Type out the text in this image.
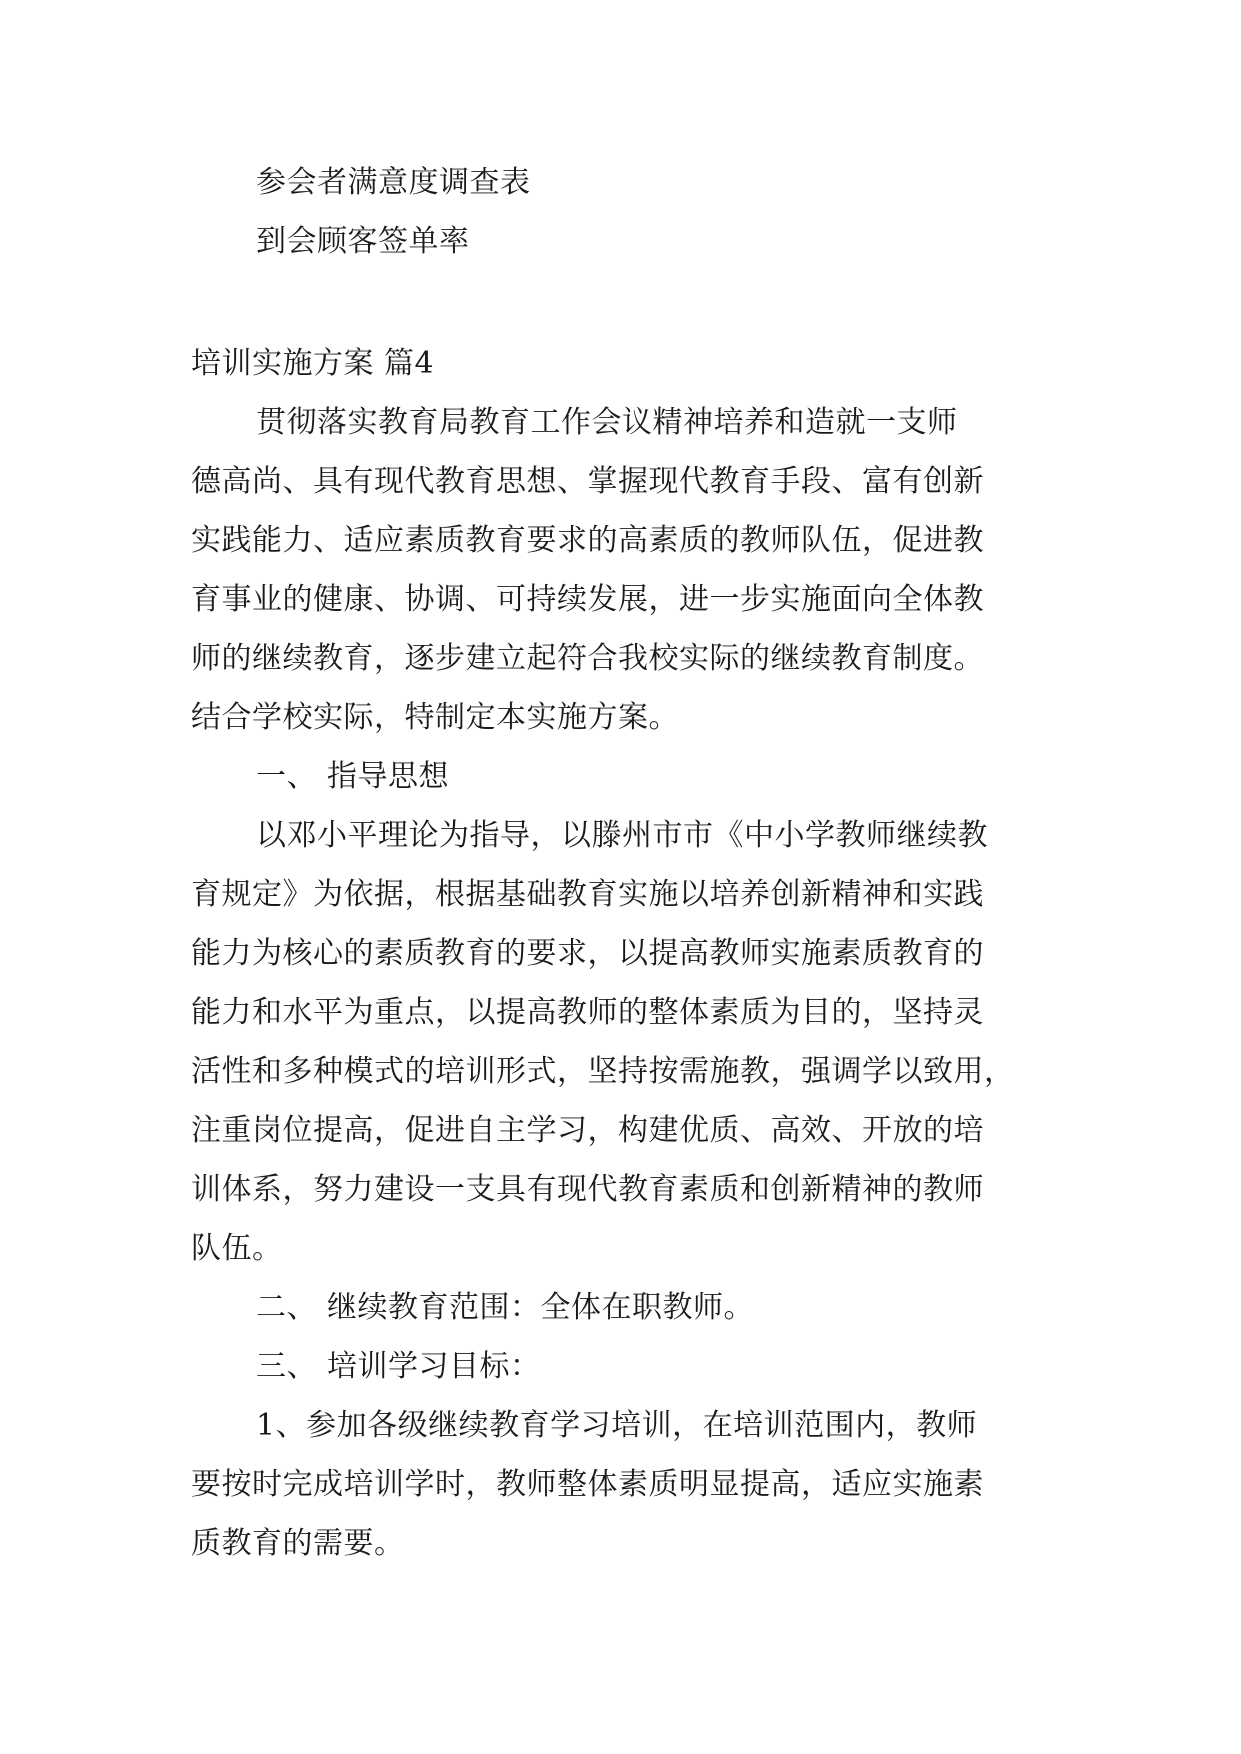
参会者满意度调查表
到会顾客签单率
培训实施方案 篇4
贯彻落实教育局教育工作会议精神培养和造就一支师
德高尚、具有现代教育思想、掌握现代教育手段、富有创新
实践能力、适应素质教育要求的高素质的教师队伍，促进教
育事业的健康、协调、可持续发展，进一步实施面向全体教
师的继续教育，逐步建立起符合我校实际的继续教育制度。
结合学校实际，特制定本实施方案。
一、 指导思想
以邓小平理论为指导，以滕州市市《中小学教师继续教
育规定》为依据，根据基础教育实施以培养创新精神和实践
能力为核心的素质教育的要求，以提高教师实施素质教育的
能力和水平为重点，以提高教师的整体素质为目的，坚持灵
活性和多种模式的培训形式，坚持按需施教，强调学以致用，
注重岗位提高，促进自主学习，构建优质、高效、开放的培
训体系，努力建设一支具有现代教育素质和创新精神的教师
队伍。
二、 继续教育范围：全体在职教师。
三、 培训学习目标：
1、参加各级继续教育学习培训，在培训范围内，教师
要按时完成培训学时，教师整体素质明显提高，适应实施素
质教育的需要。
